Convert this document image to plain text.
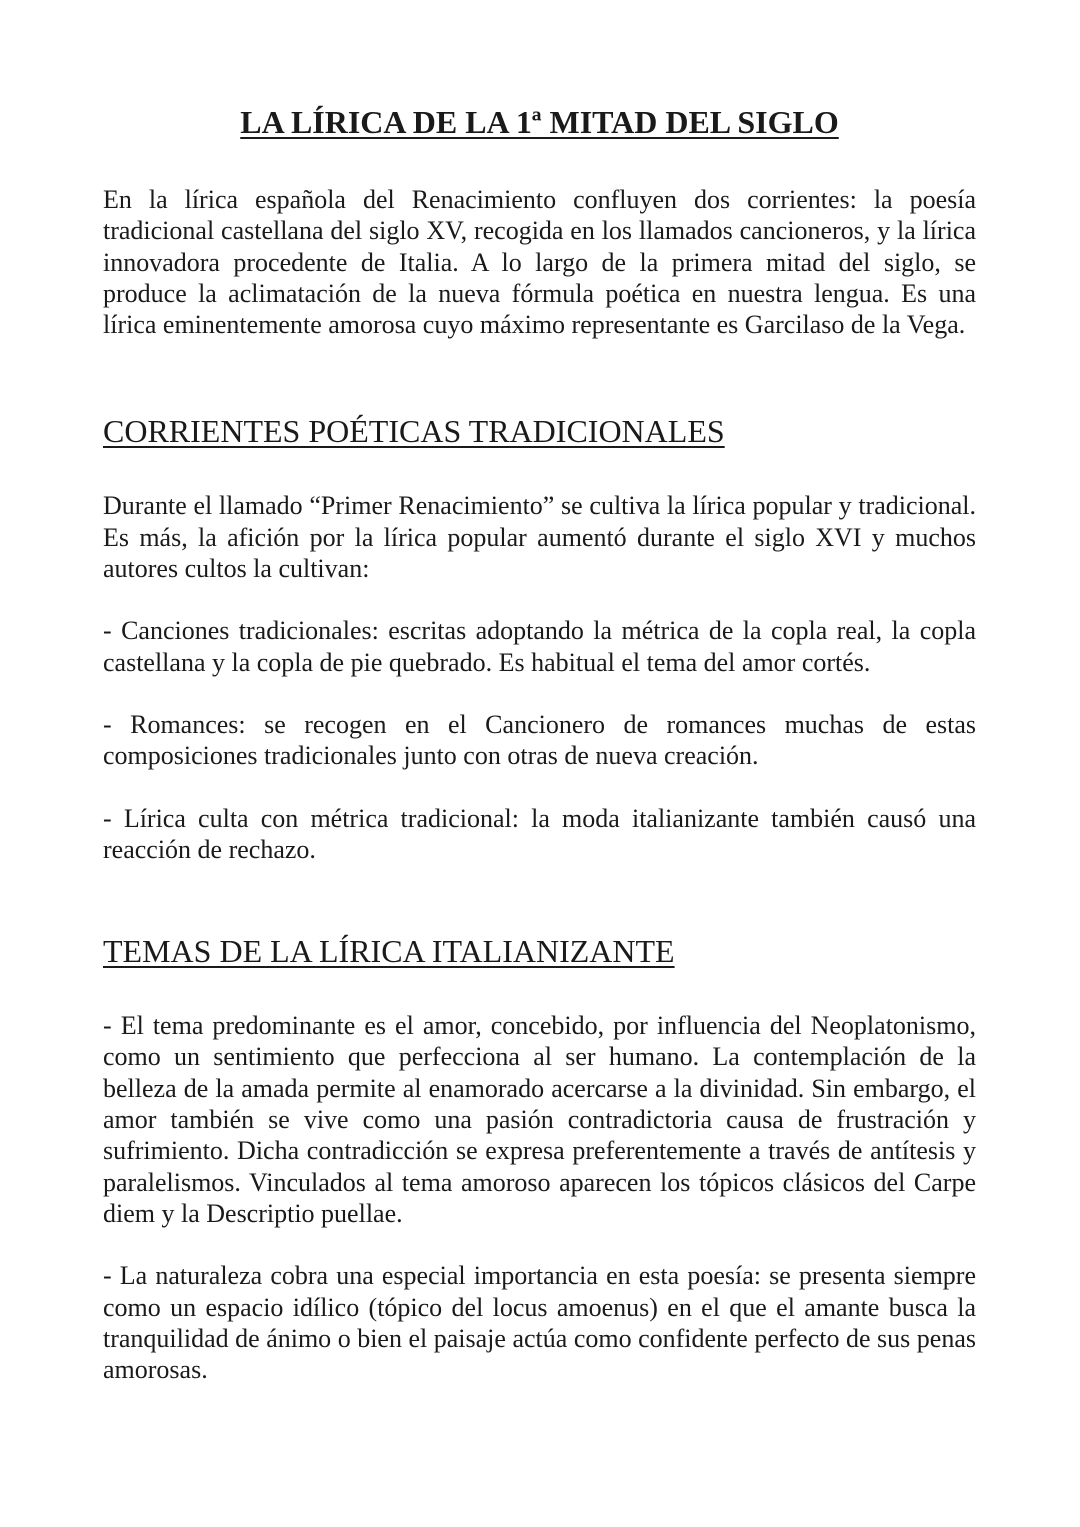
LA LÍRICA DE LA 1ª MITAD DEL SIGLO

En la lírica española del Renacimiento confluyen dos corrientes: la poesía tradicional castellana del siglo XV, recogida en los llamados cancioneros, y la lírica innovadora procedente de Italia. A lo largo de la primera mitad del siglo, se produce la aclimatación de la nueva fórmula poética en nuestra lengua. Es una lírica eminentemente amorosa cuyo máximo representante es Garcilaso de la Vega.

CORRIENTES POÉTICAS TRADICIONALES

Durante el llamado “Primer Renacimiento” se cultiva la lírica popular y tradicional. Es más, la afición por la lírica popular aumentó durante el siglo XVI y muchos autores cultos la cultivan:

- Canciones tradicionales: escritas adoptando la métrica de la copla real, la copla castellana y la copla de pie quebrado. Es habitual el tema del amor cortés.

- Romances: se recogen en el Cancionero de romances muchas de estas composiciones tradicionales junto con otras de nueva creación.

- Lírica culta con métrica tradicional: la moda italianizante también causó una reacción de rechazo.

TEMAS DE LA LÍRICA ITALIANIZANTE

- El tema predominante es el amor, concebido, por influencia del Neoplatonismo, como un sentimiento que perfecciona al ser humano. La contemplación de la belleza de la amada permite al enamorado acercarse a la divinidad. Sin embargo, el amor también se vive como una pasión contradictoria causa de frustración y sufrimiento. Dicha contradicción se expresa preferentemente a través de antítesis y paralelismos. Vinculados al tema amoroso aparecen los tópicos clásicos del Carpe diem y la Descriptio puellae.

- La naturaleza cobra una especial importancia en esta poesía: se presenta siempre como un espacio idílico (tópico del locus amoenus) en el que el amante busca la tranquilidad de ánimo o bien el paisaje actúa como confidente perfecto de sus penas amorosas.
